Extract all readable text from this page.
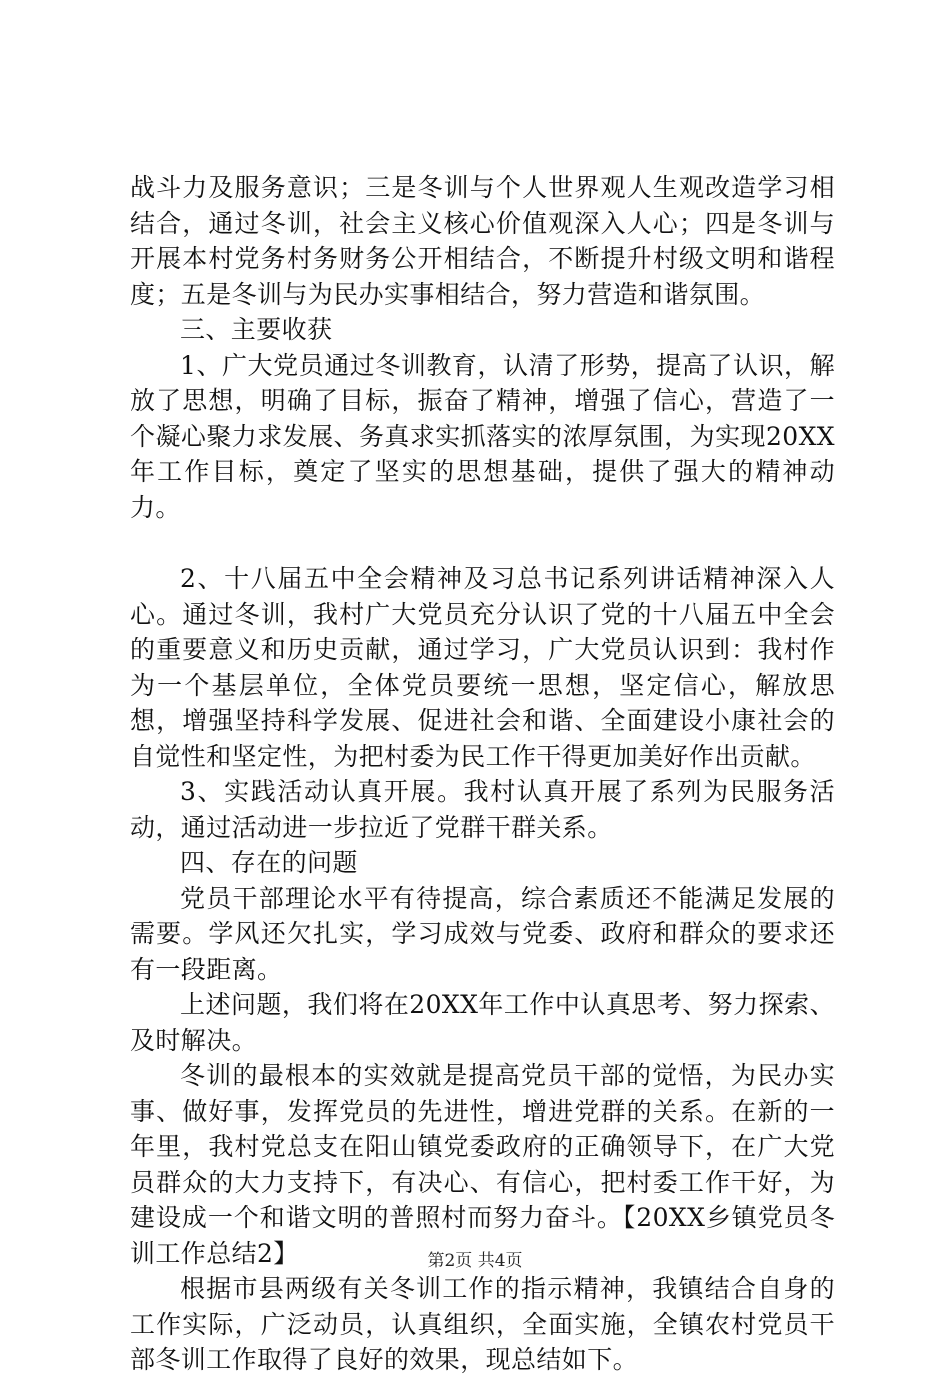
战斗力及服务意识；三是冬训与个人世界观人生观改造学习相结合，通过冬训，社会主义核心价值观深入人心；四是冬训与开展本村党务村务财务公开相结合，不断提升村级文明和谐程度；五是冬训与为民办实事相结合，努力营造和谐氛围。

三、主要收获

1、广大党员通过冬训教育，认清了形势，提高了认识，解放了思想，明确了目标，振奋了精神，增强了信心，营造了一个凝心聚力求发展、务真求实抓落实的浓厚氛围，为实现20XX年工作目标，奠定了坚实的思想基础，提供了强大的精神动力。

2、十八届五中全会精神及习总书记系列讲话精神深入人心。通过冬训，我村广大党员充分认识了党的十八届五中全会的重要意义和历史贡献，通过学习，广大党员认识到：我村作为一个基层单位，全体党员要统一思想，坚定信心，解放思想，增强坚持科学发展、促进社会和谐、全面建设小康社会的自觉性和坚定性，为把村委为民工作干得更加美好作出贡献。

3、实践活动认真开展。我村认真开展了系列为民服务活动，通过活动进一步拉近了党群干群关系。

四、存在的问题

党员干部理论水平有待提高，综合素质还不能满足发展的需要。学风还欠扎实，学习成效与党委、政府和群众的要求还有一段距离。

上述问题，我们将在20XX年工作中认真思考、努力探索、及时解决。

冬训的最根本的实效就是提高党员干部的觉悟，为民办实事、做好事，发挥党员的先进性，增进党群的关系。在新的一年里，我村党总支在阳山镇党委政府的正确领导下，在广大党员群众的大力支持下，有决心、有信心，把村委工作干好，为建设成一个和谐文明的普照村而努力奋斗。【20XX乡镇党员冬训工作总结2】

根据市县两级有关冬训工作的指示精神，我镇结合自身的工作实际，广泛动员，认真组织，全面实施，全镇农村党员干部冬训工作取得了良好的效果，现总结如下。

第2页 共4页
